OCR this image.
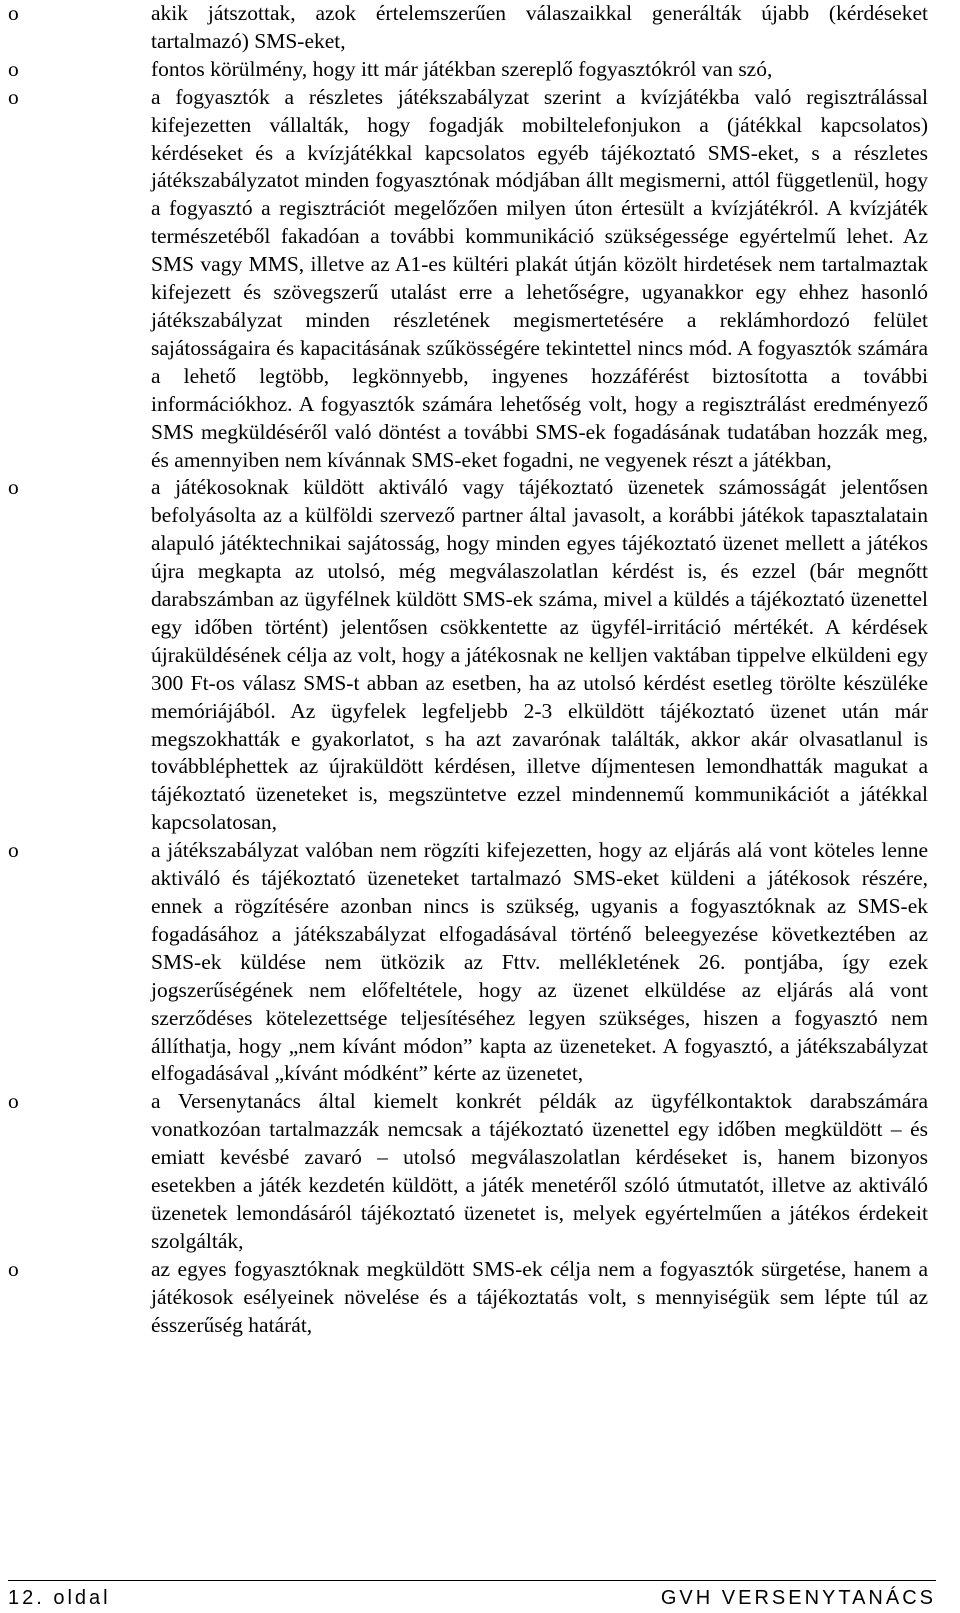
o	akik játszottak, azok értelemszerűen válaszaikkal generálták újabb (kérdéseket tartalmazó) SMS-eket,
o	fontos körülmény, hogy itt már játékban szereplő fogyasztókról van szó,
o	a fogyasztók a részletes játékszabályzat szerint a kvízjátékba való regisztrálással kifejezetten vállalták, hogy fogadják mobiltelefonjukon a (játékkal kapcsolatos) kérdéseket és a kvízjátékkal kapcsolatos egyéb tájékoztató SMS-eket, s a részletes játékszabályzatot minden fogyasztónak módjában állt megismerni, attól függetlenül, hogy a fogyasztó a regisztrációt megelőzően milyen úton értesült a kvízjátékról. A kvízjáték természetéből fakadóan a további kommunikáció szükségessége egyértelmű lehet. Az SMS vagy MMS, illetve az A1-es kültéri plakát útján közölt hirdetések nem tartalmaztak kifejezett és szövegszerű utalást erre a lehetőségre, ugyanakkor egy ehhez hasonló játékszabályzat minden részletének megismertetésére a reklámhordozó felület sajátosságaira és kapacitásának szűkösségére tekintettel nincs mód. A fogyasztók számára a lehető legtöbb, legkönnyebb, ingyenes hozzáférést biztosította a további információkhoz. A fogyasztók számára lehetőség volt, hogy a regisztrálást eredményező SMS megküldéséről való döntést a további SMS-ek fogadásának tudatában hozzák meg, és amennyiben nem kívánnak SMS-eket fogadni, ne vegyenek részt a játékban,
o	a játékosoknak küldött aktiváló vagy tájékoztató üzenetek számosságát jelentősen befolyásolta az a külföldi szervező partner által javasolt, a korábbi játékok tapasztalatain alapuló játéktechnikai sajátosság, hogy minden egyes tájékoztató üzenet mellett a játékos újra megkapta az utolsó, még megválaszolatlan kérdést is, és ezzel (bár megnőtt darabszámban az ügyfélnek küldött SMS-ek száma, mivel a küldés a tájékoztató üzenettel egy időben történt) jelentősen csökkentette az ügyfél-irritáció mértékét. A kérdések újraküldésének célja az volt, hogy a játékosnak ne kelljen vaktában tippelve elküldeni egy 300 Ft-os válasz SMS-t abban az esetben, ha az utolsó kérdést esetleg törölte készüléke memóriájából. Az ügyfelek legfeljebb 2-3 elküldött tájékoztató üzenet után már megszokhatták e gyakorlatot, s ha azt zavarónak találták, akkor akár olvasatlanul is továbbléphettek az újraküldött kérdésen, illetve díjmentesen lemondhatták magukat a tájékoztató üzeneteket is, megszüntetve ezzel mindennemű kommunikációt a játékkal kapcsolatosan,
o	a játékszabályzat valóban nem rögzíti kifejezetten, hogy az eljárás alá vont köteles lenne aktiváló és tájékoztató üzeneteket tartalmazó SMS-eket küldeni a játékosok részére, ennek a rögzítésére azonban nincs is szükség, ugyanis a fogyasztóknak az SMS-ek fogadásához a játékszabályzat elfogadásával történő beleegyezése következtében az SMS-ek küldése nem ütközik az Fttv. mellékletének 26. pontjába, így ezek jogszerűségének nem előfeltétele, hogy az üzenet elküldése az eljárás alá vont szerződéses kötelezettsége teljesítéséhez legyen szükséges, hiszen a fogyasztó nem állíthatja, hogy „nem kívánt módon” kapta az üzeneteket. A fogyasztó, a játékszabályzat elfogadásával „kívánt módként” kérte az üzenetet,
o	a Versenytanács által kiemelt konkrét példák az ügyfélkontaktok darabszámára vonatkozóan tartalmazzák nemcsak a tájékoztató üzenettel egy időben megküldött – és emiatt kevésbé zavaró – utolsó megválaszolatlan kérdéseket is, hanem bizonyos esetekben a játék kezdetén küldött, a játék menetéről szóló útmutatót, illetve az aktiváló üzenetek lemondásáról tájékoztató üzenetet is, melyek egyértelműen a játékos érdekeit szolgálták,
o	az egyes fogyasztóknak megküldött SMS-ek célja nem a fogyasztók sürgetése, hanem a játékosok esélyeinek növelése és a tájékoztatás volt, s mennyiségük sem lépte túl az ésszerűség határát,
12. oldal	GVH VERSENYTANÁCS
